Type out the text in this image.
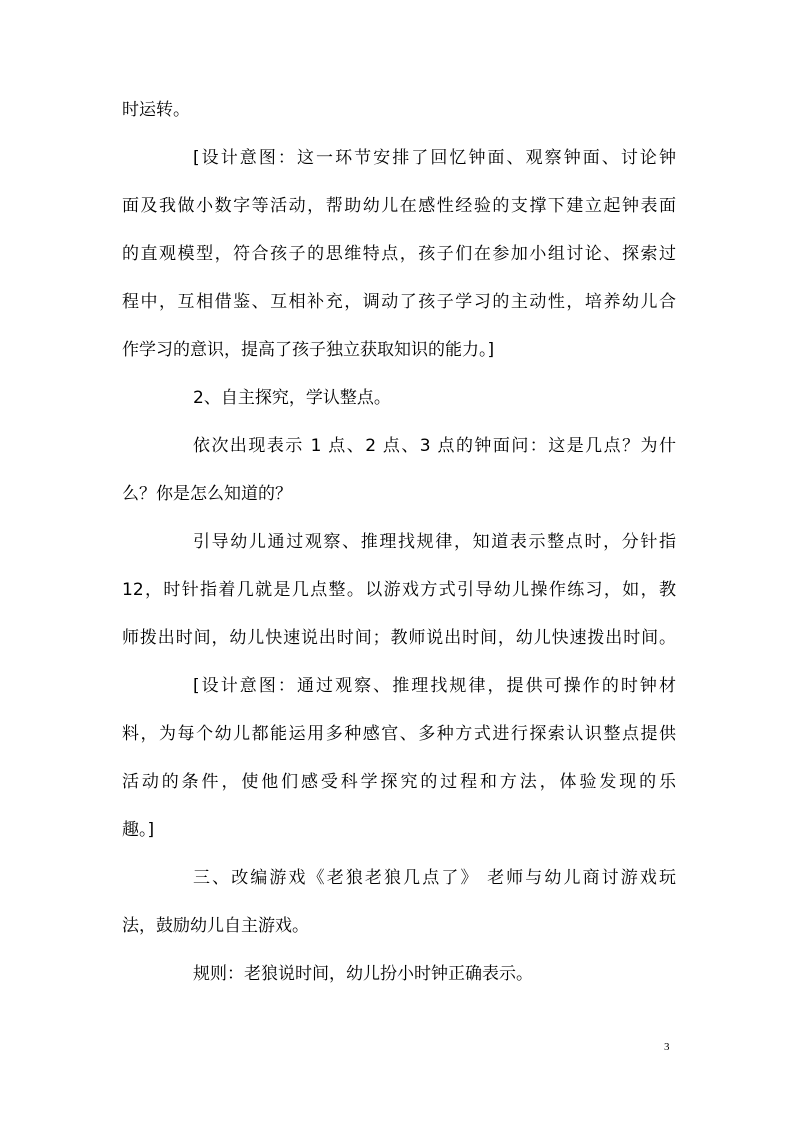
时运转。
[设计意图：这一环节安排了回忆钟面、观察钟面、讨论钟
面及我做小数字等活动，帮助幼儿在感性经验的支撑下建立起钟表面
的直观模型，符合孩子的思维特点，孩子们在参加小组讨论、探索过
程中，互相借鉴、互相补充，调动了孩子学习的主动性，培养幼儿合
作学习的意识，提高了孩子独立获取知识的能力。]
2、自主探究，学认整点。
依次出现表示 1 点、2 点、3 点的钟面问：这是几点？为什
么？你是怎么知道的？
引导幼儿通过观察、推理找规律，知道表示整点时，分针指
12，时针指着几就是几点整。以游戏方式引导幼儿操作练习，如，教
师拨出时间，幼儿快速说出时间；教师说出时间，幼儿快速拨出时间。
[设计意图：通过观察、推理找规律，提供可操作的时钟材
料，为每个幼儿都能运用多种感官、多种方式进行探索认识整点提供
活动的条件，使他们感受科学探究的过程和方法，体验发现的乐
趣。]
三、改编游戏《老狼老狼几点了》 老师与幼儿商讨游戏玩
法，鼓励幼儿自主游戏。
规则：老狼说时间，幼儿扮小时钟正确表示。
3
